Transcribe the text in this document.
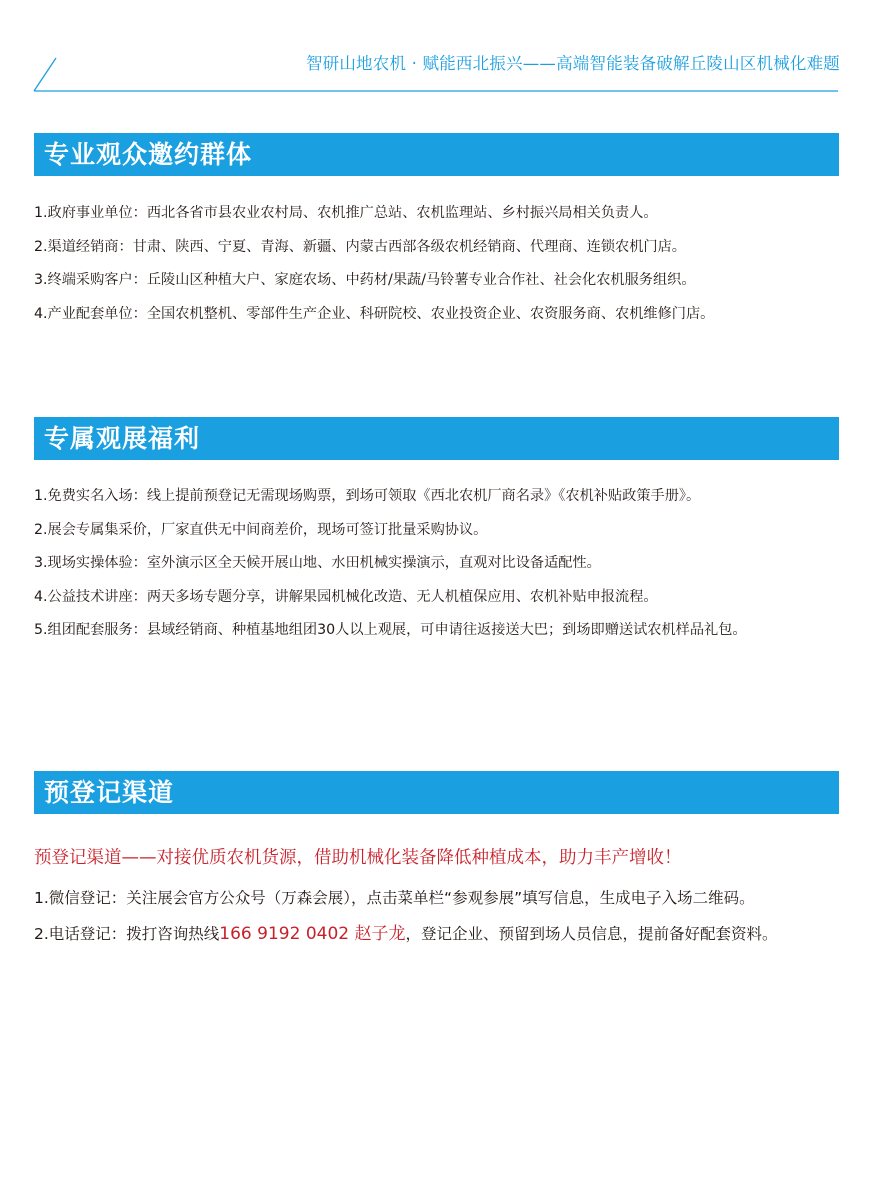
智研山地农机 · 赋能西北振兴——高端智能装备破解丘陵山区机械化难题
专业观众邀约群体
1.政府事业单位：西北各省市县农业农村局、农机推广总站、农机监理站、乡村振兴局相关负责人。
2.渠道经销商：甘肃、陕西、宁夏、青海、新疆、内蒙古西部各级农机经销商、代理商、连锁农机门店。
3.终端采购客户：丘陵山区种植大户、家庭农场、中药材/果蔬/马铃薯专业合作社、社会化农机服务组织。
4.产业配套单位：全国农机整机、零部件生产企业、科研院校、农业投资企业、农资服务商、农机维修门店。
专属观展福利
1.免费实名入场：线上提前预登记无需现场购票，到场可领取《西北农机厂商名录》《农机补贴政策手册》。
2.展会专属集采价，厂家直供无中间商差价，现场可签订批量采购协议。
3.现场实操体验：室外演示区全天候开展山地、水田机械实操演示，直观对比设备适配性。
4.公益技术讲座：两天多场专题分享，讲解果园机械化改造、无人机植保应用、农机补贴申报流程。
5.组团配套服务：县域经销商、种植基地组团30人以上观展，可申请往返接送大巴；到场即赠送试农机样品礼包。
预登记渠道
预登记渠道——对接优质农机货源，借助机械化装备降低种植成本，助力丰产增收！
1.微信登记：关注展会官方公众号（万森会展），点击菜单栏“参观参展”填写信息，生成电子入场二维码。
2.电话登记：拨打咨询热线166 9192 0402 赵子龙，登记企业、预留到场人员信息，提前备好配套资料。
